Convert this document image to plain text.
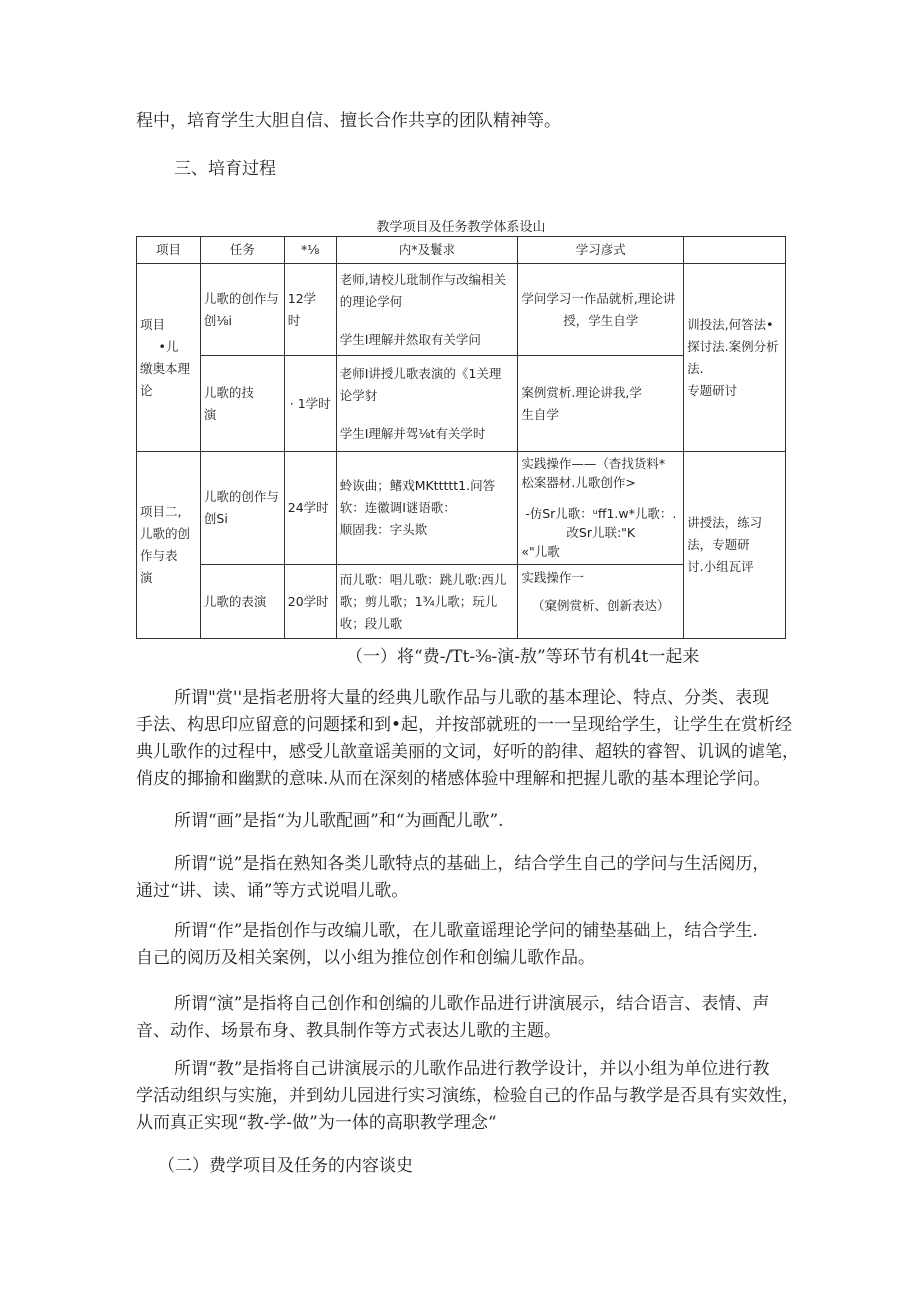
程中，培育学生大胆自信、擅长合作共享的团队精神等。
三、培育过程
教学项目及任务教学体系设山
项目	任务	*⅛	内*及鬟求	学习彦式	

项目
•儿
缴奥本理
论	儿歌的创作与
创⅛i	12学
时	老师,请校儿玭制作与改编相关
的理论学何
学生I理解并然取有关学问	学问学习一作品就析,理论讲
授，学生自学	训投法,何答法•
探讨法.案例分析
法.
专题研讨

	儿歌的技
演	· 1学时	老师I讲授儿歌表演的《1关理
论学豺
学生I理解并驾⅛t有关学时	案例赏析.理论讲我,学
生自学	

项目二,
儿歌的创
作与表
演	儿歌的创作与
创Si	24学时	蛉诙曲；鳍戏MKttttt1.问答
软：连徽调I谜语歌：
顺固我：字头欺	实践操作——（杳找货料*
松案器材.儿歌创作>
-仿Sr儿歌：ᵘff1.w*儿歌：.
改Sr儿联:"K
«"儿歌	讲授法，练习
法，专题研
讨.小组瓦评

	儿歌的表演	20学时	而儿歌：唱儿歌：跳儿歌:西儿
歌；剪儿歌；1¾儿歌；玩儿
收；段儿歌	实践操作一
（窠例赏析、创新表达）	
（一）将“费-/Tt-⅜-演-敖”等环节有机4t一起来
所谓"赏''是指老册将大量的经典儿歌作品与儿歌的基本理论、特点、分类、表现
手法、构思印应留意的问题揉和到•起，并按部就班的一一呈现给学生，让学生在赏析经
典儿歌作的过程中，感受儿歆童谣美丽的文词，好听的韵律、超轶的睿智、讥讽的谑笔，
俏皮的揶揄和幽默的意味.从而在深刻的楮感体验中理解和把握儿歌的基本理论学问。
所谓“画”是指“为儿歌配画”和“为画配儿歌”.
所谓“说”是指在熟知各类儿歌特点的基础上，结合学生自己的学问与生活阅历，
通过“讲、读、诵”等方式说唱儿歌。
所谓“作”是指创作与改编儿歌，在儿歌童谣理论学问的铺垫基础上，结合学生.
自己的阅历及相关案例，以小组为推位创作和创编儿歌作品。
所谓“演”是指将自己创作和创编的儿歌作品进行讲演展示，结合语言、表情、声
音、动作、场景布身、教具制作等方式表达儿歌的主题。
所谓“教”是指将自己讲演展示的儿歌作品进行教学设计，并以小组为单位进行教
学活动组织与实施，并到幼儿园进行实习演练，检验自己的作品与教学是否具有实效性，
从而真正实现“教-学-做”为一体的高职教学理念“
（二）费学项目及任务的内容谈史
